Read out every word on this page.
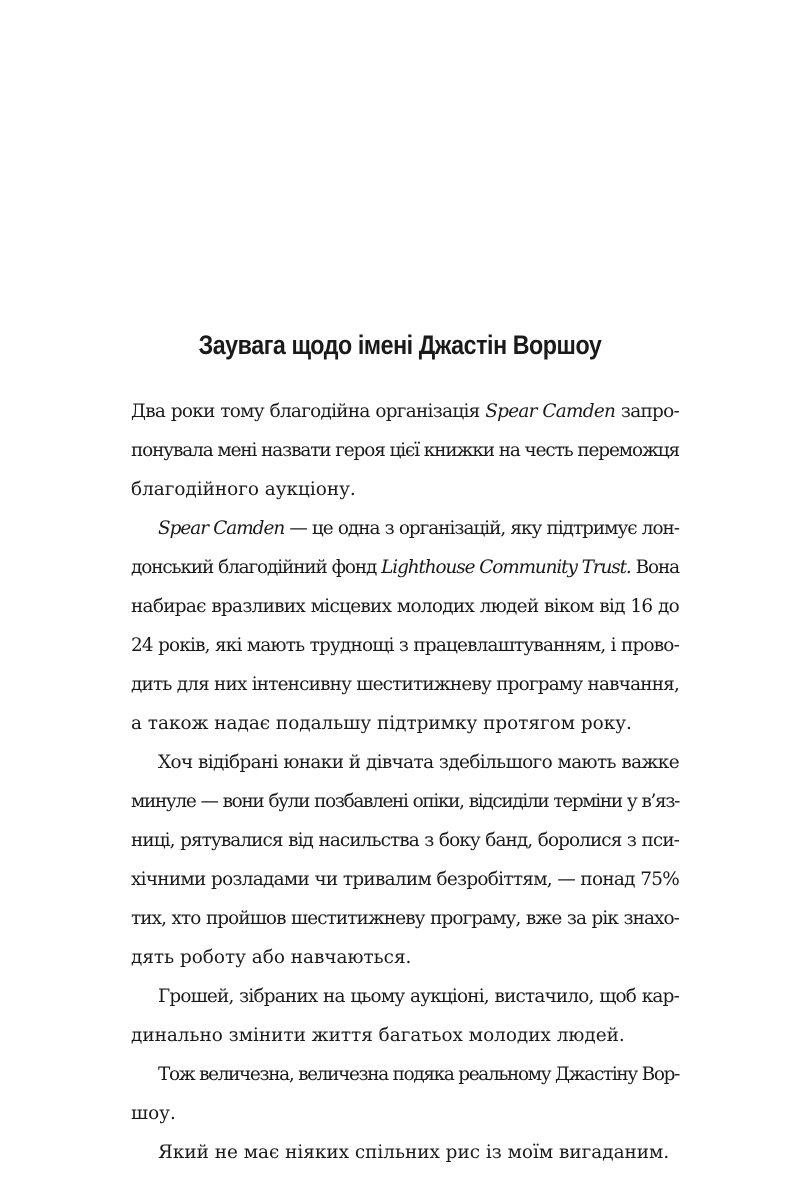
Заувага щодо імені Джастін Воршоу
Два роки тому благодійна організація Spear Camden запро-
понувала мені назвати героя цієї книжки на честь переможця
благодійного аукціону.
Spear Camden — це одна з організацій, яку підтримує лон-
донський благодійний фонд Lighthouse Community Trust. Вона
набирає вразливих місцевих молодих людей віком від 16 до
24 років, які мають труднощі з працевлаштуванням, і прово-
дить для них інтенсивну шеститижневу програму навчання,
а також надає подальшу підтримку протягом року.
Хоч відібрані юнаки й дівчата здебільшого мають важке
минуле — вони були позбавлені опіки, відсиділи терміни у в’яз-
ниці, рятувалися від насильства з боку банд, боролися з пси-
хічними розладами чи тривалим безробіттям, — понад 75%
тих, хто пройшов шеститижневу програму, вже за рік знахо-
дять роботу або навчаються.
Грошей, зібраних на цьому аукціоні, вистачило, щоб кар-
динально змінити життя багатьох молодих людей.
Тож величезна, величезна подяка реальному Джастіну Вор-
шоу.
Який не має ніяких спільних рис із моїм вигаданим.
